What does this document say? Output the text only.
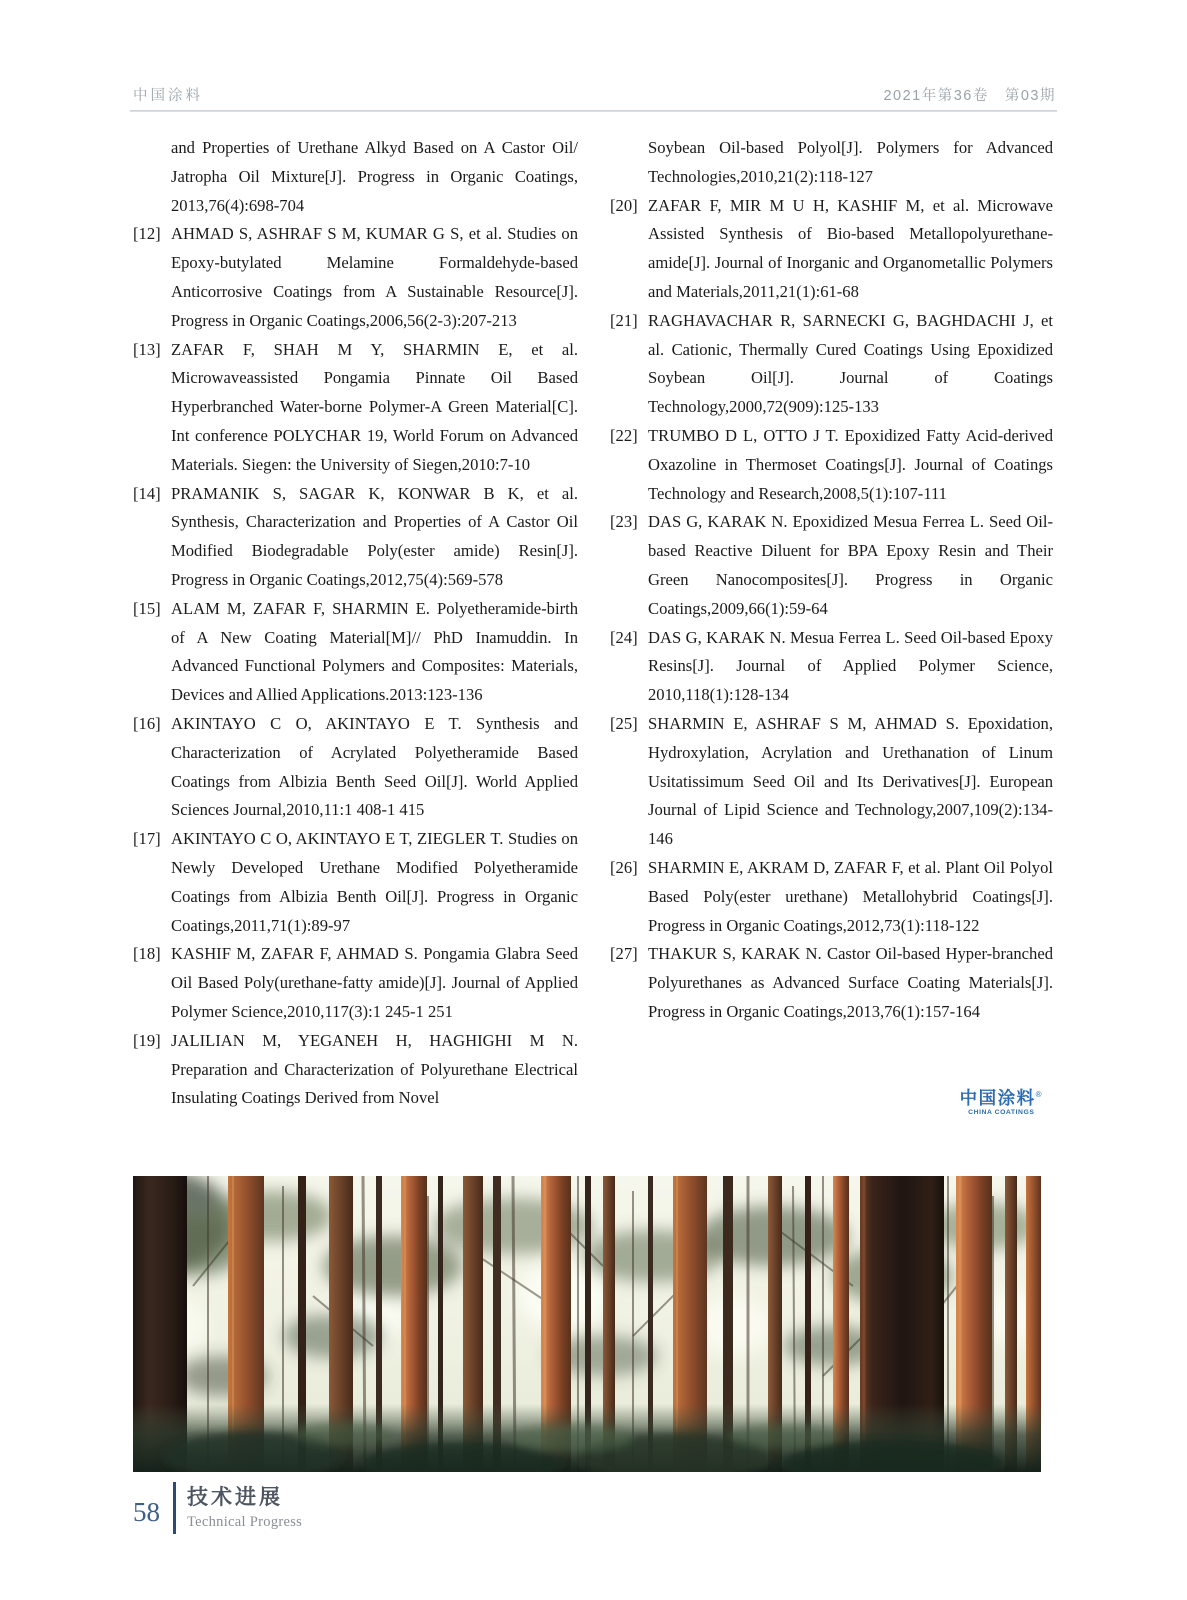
中国涂料	2021年第36卷　第03期
and Properties of Urethane Alkyd Based on A Castor Oil/ Jatropha Oil Mixture[J]. Progress in Organic Coatings, 2013,76(4):698-704
[12] AHMAD S, ASHRAF S M, KUMAR G S, et al. Studies on Epoxy-butylated Melamine Formaldehyde-based Anticorrosive Coatings from A Sustainable Resource[J]. Progress in Organic Coatings,2006,56(2-3):207-213
[13] ZAFAR F, SHAH M Y, SHARMIN E, et al. Microwaveassisted Pongamia Pinnate Oil Based Hyperbranched Water-borne Polymer-A Green Material[C]. Int conference POLYCHAR 19, World Forum on Advanced Materials. Siegen: the University of Siegen,2010:7-10
[14] PRAMANIK S, SAGAR K, KONWAR B K, et al. Synthesis, Characterization and Properties of A Castor Oil Modified Biodegradable Poly(ester amide) Resin[J]. Progress in Organic Coatings,2012,75(4):569-578
[15] ALAM M, ZAFAR F, SHARMIN E. Polyetheramide-birth of A New Coating Material[M]// PhD Inamuddin. In Advanced Functional Polymers and Composites: Materials, Devices and Allied Applications.2013:123-136
[16] AKINTAYO C O, AKINTAYO E T. Synthesis and Characterization of Acrylated Polyetheramide Based Coatings from Albizia Benth Seed Oil[J]. World Applied Sciences Journal,2010,11:1 408-1 415
[17] AKINTAYO C O, AKINTAYO E T, ZIEGLER T. Studies on Newly Developed Urethane Modified Polyetheramide Coatings from Albizia Benth Oil[J]. Progress in Organic Coatings,2011,71(1):89-97
[18] KASHIF M, ZAFAR F, AHMAD S. Pongamia Glabra Seed Oil Based Poly(urethane-fatty amide)[J]. Journal of Applied Polymer Science,2010,117(3):1 245-1 251
[19] JALILIAN M, YEGANEH H, HAGHIGHI M N. Preparation and Characterization of Polyurethane Electrical Insulating Coatings Derived from Novel
Soybean Oil-based Polyol[J]. Polymers for Advanced Technologies,2010,21(2):118-127
[20] ZAFAR F, MIR M U H, KASHIF M, et al. Microwave Assisted Synthesis of Bio-based Metallopolyurethane-amide[J]. Journal of Inorganic and Organometallic Polymers and Materials,2011,21(1):61-68
[21] RAGHAVACHAR R, SARNECKI G, BAGHDACHI J, et al. Cationic, Thermally Cured Coatings Using Epoxidized Soybean Oil[J]. Journal of Coatings Technology,2000,72(909):125-133
[22] TRUMBO D L, OTTO J T. Epoxidized Fatty Acid-derived Oxazoline in Thermoset Coatings[J]. Journal of Coatings Technology and Research,2008,5(1):107-111
[23] DAS G, KARAK N. Epoxidized Mesua Ferrea L. Seed Oil-based Reactive Diluent for BPA Epoxy Resin and Their Green Nanocomposites[J]. Progress in Organic Coatings,2009,66(1):59-64
[24] DAS G, KARAK N. Mesua Ferrea L. Seed Oil-based Epoxy Resins[J]. Journal of Applied Polymer Science, 2010,118(1):128-134
[25] SHARMIN E, ASHRAF S M, AHMAD S. Epoxidation, Hydroxylation, Acrylation and Urethanation of Linum Usitatissimum Seed Oil and Its Derivatives[J]. European Journal of Lipid Science and Technology,2007,109(2):134-146
[26] SHARMIN E, AKRAM D, ZAFAR F, et al. Plant Oil Polyol Based Poly(ester urethane) Metallohybrid Coatings[J]. Progress in Organic Coatings,2012,73(1):118-122
[27] THAKUR S, KARAK N. Castor Oil-based Hyper-branched Polyurethanes as Advanced Surface Coating Materials[J]. Progress in Organic Coatings,2013,76(1):157-164
中国涂料®
CHINA COATINGS
58	技术进展
Technical Progress
